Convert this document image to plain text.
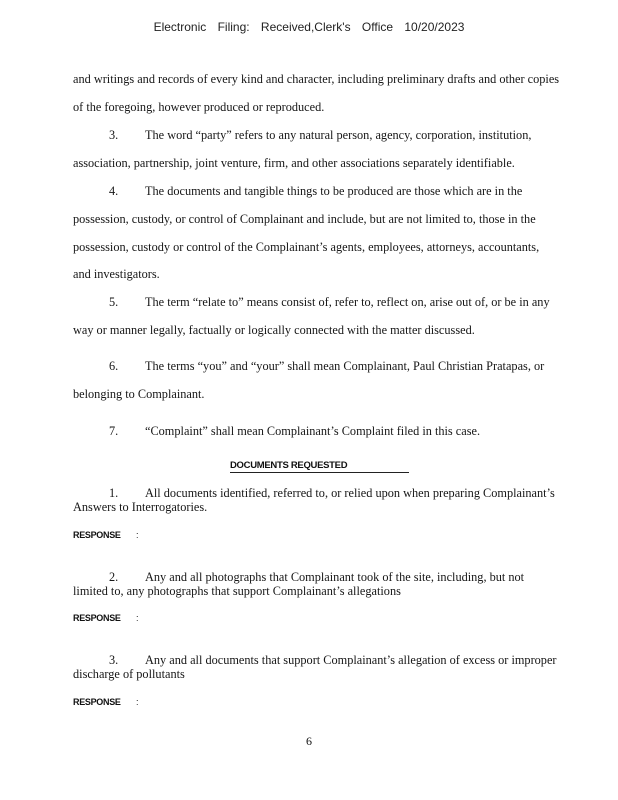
Electronic Filing: Received,Clerk's Office 10/20/2023
and writings and records of every kind and character, including preliminary drafts and other copies
of the foregoing, however produced or reproduced.
3. The word “party” refers to any natural person, agency, corporation, institution,
association, partnership, joint venture, firm, and other associations separately identifiable.
4. The documents and tangible things to be produced are those which are in the
possession, custody, or control of Complainant and include, but are not limited to, those in the
possession, custody or control of the Complainant’s agents, employees, attorneys, accountants,
and investigators.
5. The term “relate to” means consist of, refer to, reflect on, arise out of, or be in any
way or manner legally, factually or logically connected with the matter discussed.
6. The terms “you” and “your” shall mean Complainant, Paul Christian Pratapas, or
belonging to Complainant.
7. “Complaint” shall mean Complainant’s Complaint filed in this case.
DOCUMENTS REQUESTED
1. All documents identified, referred to, or relied upon when preparing Complainant’s
Answers to Interrogatories.
RESPONSE :
2. Any and all photographs that Complainant took of the site, including, but not
limited to, any photographs that support Complainant’s allegations
RESPONSE :
3. Any and all documents that support Complainant’s allegation of excess or improper
discharge of pollutants
RESPONSE :
6
